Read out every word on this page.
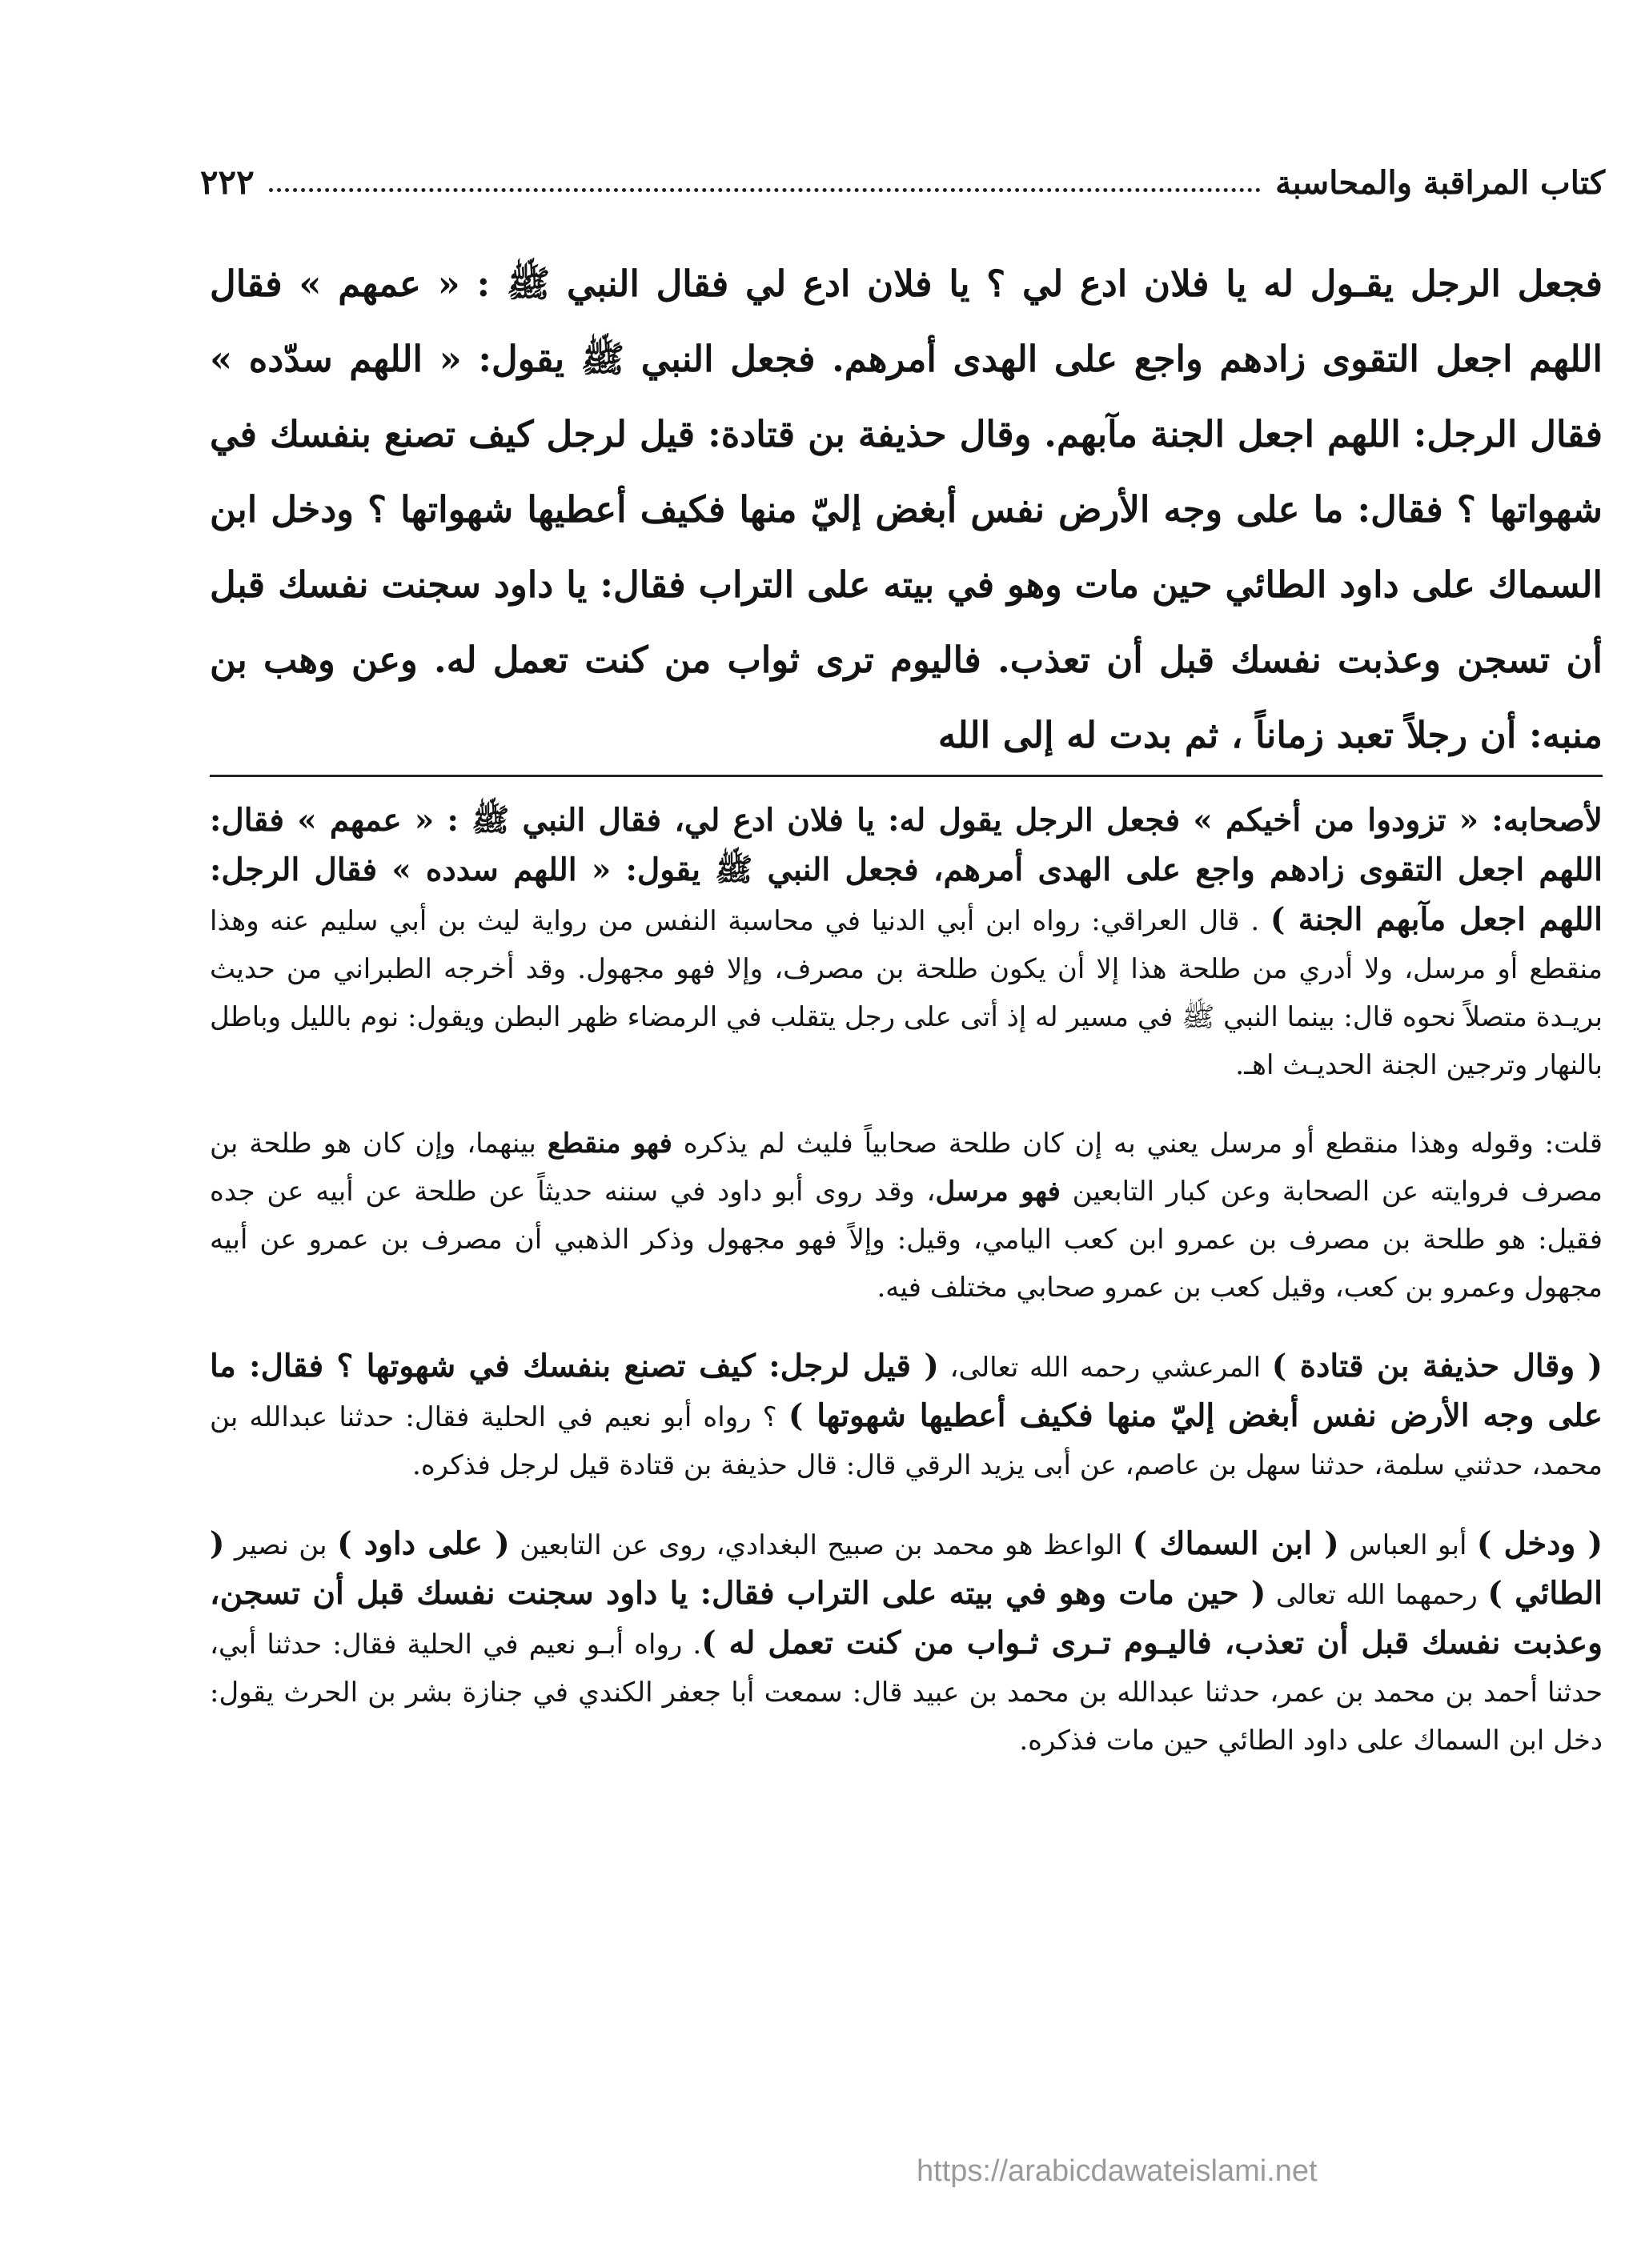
كتاب المراقبة والمحاسبة
٢٢٢

فجعل الرجل يقـول له يا فلان ادع لي ؟ يا فلان ادع لي فقال النبي ﷺ : « عمهم » فقال اللهم اجعل التقوى زادهم واجع على الهدى أمرهم. فجعل النبي ﷺ يقول: « اللهم سدّده » فقال الرجل: اللهم اجعل الجنة مآبهم. وقال حذيفة بن قتادة: قيل لرجل كيف تصنع بنفسك في شهواتها ؟ فقال: ما على وجه الأرض نفس أبغض إليّ منها فكيف أعطيها شهواتها ؟ ودخل ابن السماك على داود الطائي حين مات وهو في بيته على التراب فقال: يا داود سجنت نفسك قبل أن تسجن وعذبت نفسك قبل أن تعذب. فاليوم ترى ثواب من كنت تعمل له. وعن وهب بن منبه: أن رجلاً تعبد زماناً ، ثم بدت له إلى الله

لأصحابه: « تزودوا من أخيكم » فجعل الرجل يقول له: يا فلان ادع لي، فقال النبي ﷺ : « عمهم » فقال: اللهم اجعل التقوى زادهم واجع على الهدى أمرهم، فجعل النبي ﷺ يقول: « اللهم سدده » فقال الرجل: اللهم اجعل مآبهم الجنة ) . قال العراقي: رواه ابن أبي الدنيا في محاسبة النفس من رواية ليث بن أبي سليم عنه وهذا منقطع أو مرسل، ولا أدري من طلحة هذا إلا أن يكون طلحة بن مصرف، وإلا فهو مجهول. وقد أخرجه الطبراني من حديث بريـدة متصلاً نحوه قال: بينما النبي ﷺ في مسير له إذ أتى على رجل يتقلب في الرمضاء ظهر البطن ويقول: نوم بالليل وباطل بالنهار وترجين الجنة الحديـث اهـ.

قلت: وقوله وهذا منقطع أو مرسل يعني به إن كان طلحة صحابياً فليث لم يذكره فهو منقطع بينهما، وإن كان هو طلحة بن مصرف فروايته عن الصحابة وعن كبار التابعين فهو مرسل، وقد روى أبو داود في سننه حديثاً عن طلحة عن أبيه عن جده فقيل: هو طلحة بن مصرف بن عمرو ابن كعب اليامي، وقيل: وإلاً فهو مجهول وذكر الذهبي أن مصرف بن عمرو عن أبيه مجهول وعمرو بن كعب، وقيل كعب بن عمرو صحابي مختلف فيه.

( وقال حذيفة بن قتادة ) المرعشي رحمه الله تعالى، ( قيل لرجل: كيف تصنع بنفسك في شهوتها ؟ فقال: ما على وجه الأرض نفس أبغض إليّ منها فكيف أعطيها شهوتها ) ؟ رواه أبو نعيم في الحلية فقال: حدثنا عبدالله بن محمد، حدثني سلمة، حدثنا سهل بن عاصم، عن أبى يزيد الرقي قال: قال حذيفة بن قتادة قيل لرجل فذكره.

( ودخل ) أبو العباس ( ابن السماك ) الواعظ هو محمد بن صبيح البغدادي، روى عن التابعين ( على داود ) بن نصير ( الطائي ) رحمهما الله تعالى ( حين مات وهو في بيته على التراب فقال: يا داود سجنت نفسك قبل أن تسجن، وعذبت نفسك قبل أن تعذب، فاليـوم تـرى ثـواب من كنت تعمل له ). رواه أبـو نعيم في الحلية فقال: حدثنا أبي، حدثنا أحمد بن محمد بن عمر، حدثنا عبدالله بن محمد بن عبيد قال: سمعت أبا جعفر الكندي في جنازة بشر بن الحرث يقول: دخل ابن السماك على داود الطائي حين مات فذكره.

https://arabicdawateislami.net
